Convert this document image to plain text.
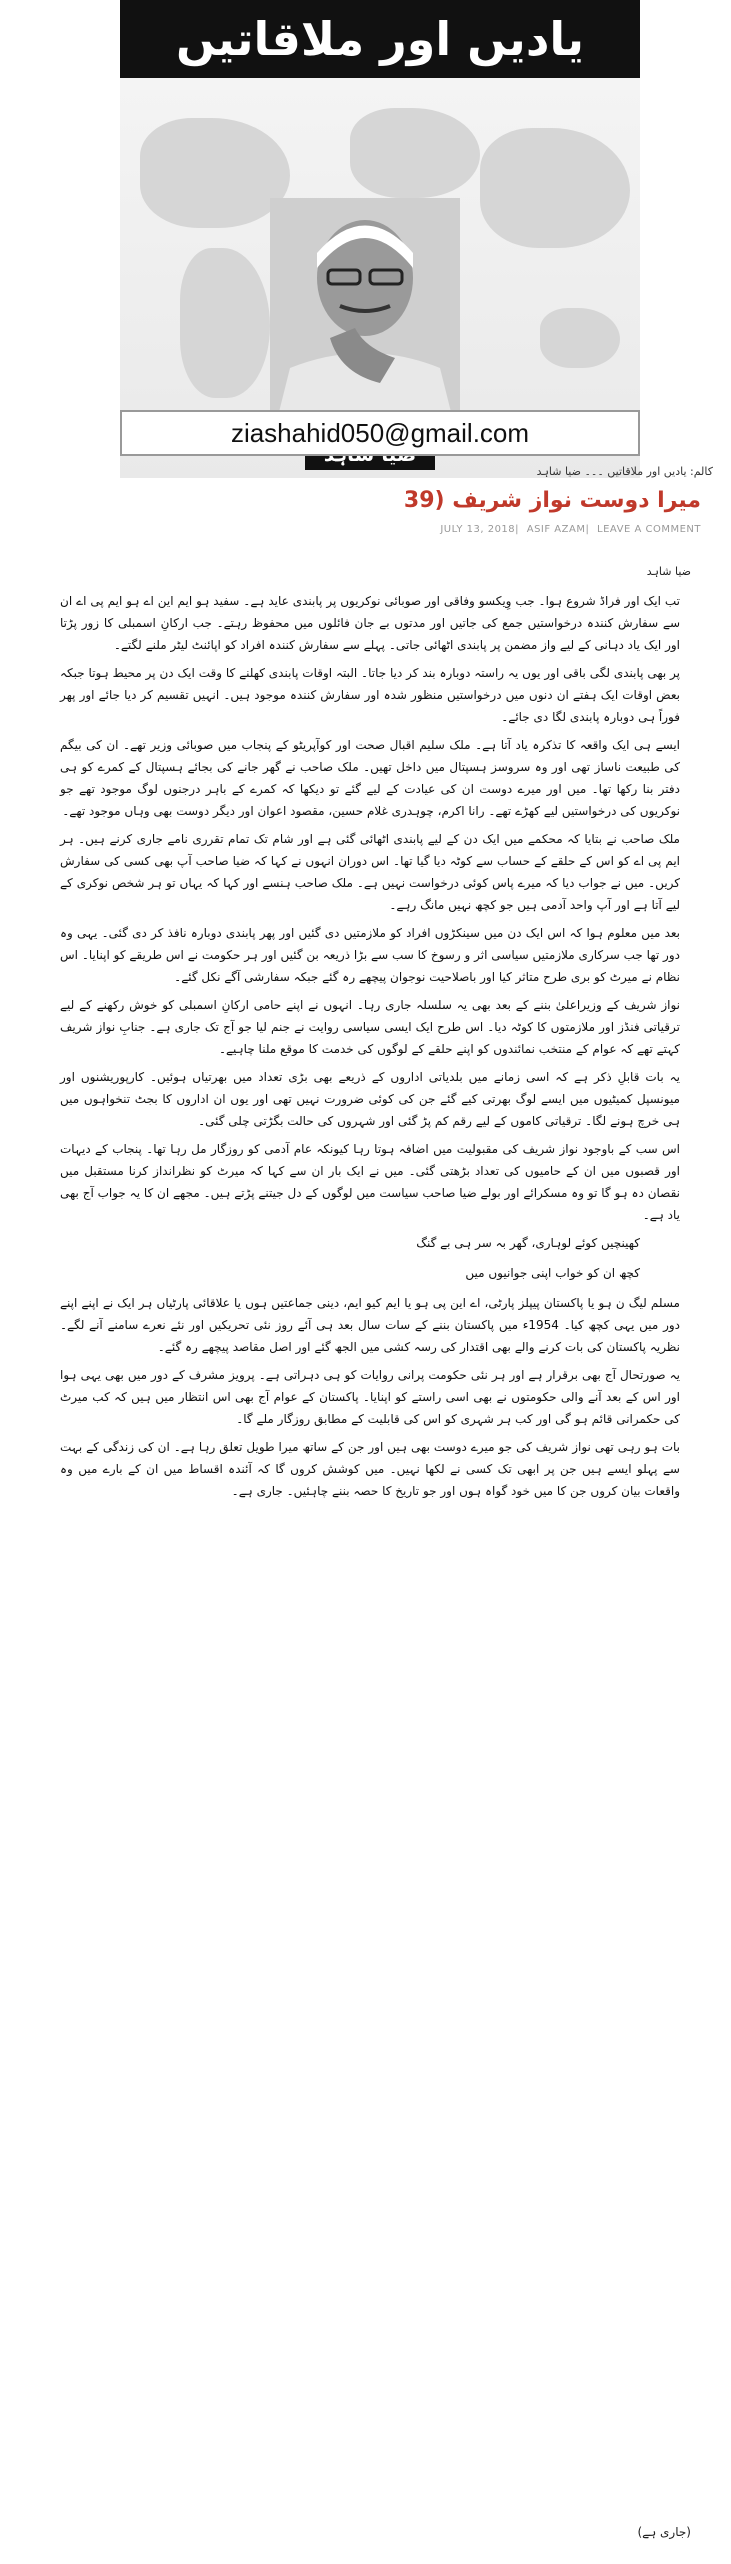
یادیں اور ملاقاتیں
ziashahid050@gmail.com
کالم: یادیں اور ملاقاتیں ۔۔۔ ضیا شاہد
میرا دوست نواز شریف (39
JULY 13, 2018| ASIF AZAM| LEAVE A COMMENT
ضیا شاہد

تب ایک اور فراڈ شروع ہوا۔ جب وِیکسو وفاقی اور صوبائی نوکریوں پر پابندی عاید ہے۔ سفید ہو ایم این اے ہو ایم پی اے ان سے سفارش کنندہ درخواستیں جمع کی جاتیں اور مدتوں بے جان فائلوں میں محفوظ رہتے۔ جب ارکانِ اسمبلی کا زور پڑتا اور ایک یاد دہانی کے لیے واز مضمن پر پابندی اٹھائی جاتی۔ پہلے سے سفارش کنندہ افراد کو اپائنٹ لیٹر ملنے لگتے۔

پر بھی پابندی لگی باقی اور یوں یہ راستہ دوبارہ بند کر دیا جاتا۔ البتہ اوقات پابندی کھلنے کا وقت ایک دن پر محیط ہوتا جبکہ بعض اوقات ایک ہفتے ان دنوں میں درخواستیں منظور شدہ اور سفارش کنندہ موجود ہیں۔ انہیں تقسیم کر دیا جائے اور پھر فوراً ہی دوبارہ پابندی لگا دی جائے۔

ایسے ہی ایک واقعہ کا تذکرہ یاد آتا ہے۔ ملک سلیم اقبال صحت اور کوآپریٹو کے پنجاب میں صوبائی وزیر تھے۔ ان کی بیگم کی طبیعت ناساز تھی اور وہ سروسز ہسپتال میں داخل تھیں۔ ملک صاحب نے گھر جانے کی بجائے ہسپتال کے کمرے کو ہی دفتر بنا رکھا تھا۔ میں اور میرے دوست ان کی عیادت کے لیے گئے تو دیکھا کہ کمرے کے باہر درجنوں لوگ موجود تھے جو نوکریوں کی درخواستیں لیے کھڑے تھے۔ رانا اکرم، چوہدری غلام حسین، مقصود اعوان اور دیگر دوست بھی وہاں موجود تھے۔

ملک صاحب نے بتایا کہ محکمے میں ایک دن کے لیے پابندی اٹھائی گئی ہے اور شام تک تمام تقرری نامے جاری کرنے ہیں۔ ہر ایم پی اے کو اس کے حلقے کے حساب سے کوٹہ دیا گیا تھا۔ اس دوران انہوں نے کہا کہ ضیا صاحب آپ بھی کسی کی سفارش کریں۔ میں نے جواب دیا کہ میرے پاس کوئی درخواست نہیں ہے۔ ملک صاحب ہنسے اور کہا کہ یہاں تو ہر شخص نوکری کے لیے آتا ہے اور آپ واحد آدمی ہیں جو کچھ نہیں مانگ رہے۔

بعد میں معلوم ہوا کہ اس ایک دن میں سینکڑوں افراد کو ملازمتیں دی گئیں اور پھر پابندی دوبارہ نافذ کر دی گئی۔ یہی وہ دور تھا جب سرکاری ملازمتیں سیاسی اثر و رسوخ کا سب سے بڑا ذریعہ بن گئیں اور ہر حکومت نے اس طریقے کو اپنایا۔ اس نظام نے میرٹ کو بری طرح متاثر کیا اور باصلاحیت نوجوان پیچھے رہ گئے جبکہ سفارشی آگے نکل گئے۔

نواز شریف کے وزیراعلیٰ بننے کے بعد بھی یہ سلسلہ جاری رہا۔ انہوں نے اپنے حامی ارکانِ اسمبلی کو خوش رکھنے کے لیے ترقیاتی فنڈز اور ملازمتوں کا کوٹہ دیا۔ اس طرح ایک ایسی سیاسی روایت نے جنم لیا جو آج تک جاری ہے۔ جنابِ نواز شریف کہتے تھے کہ عوام کے منتخب نمائندوں کو اپنے حلقے کے لوگوں کی خدمت کا موقع ملنا چاہیے۔

یہ بات قابلِ ذکر ہے کہ اسی زمانے میں بلدیاتی اداروں کے ذریعے بھی بڑی تعداد میں بھرتیاں ہوئیں۔ کارپوریشنوں اور میونسپل کمیٹیوں میں ایسے لوگ بھرتی کیے گئے جن کی کوئی ضرورت نہیں تھی اور یوں ان اداروں کا بجٹ تنخواہوں میں ہی خرچ ہونے لگا۔ ترقیاتی کاموں کے لیے رقم کم پڑ گئی اور شہروں کی حالت بگڑتی چلی گئی۔

اس سب کے باوجود نواز شریف کی مقبولیت میں اضافہ ہوتا رہا کیونکہ عام آدمی کو روزگار مل رہا تھا۔ پنجاب کے دیہات اور قصبوں میں ان کے حامیوں کی تعداد بڑھتی گئی۔ میں نے ایک بار ان سے کہا کہ میرٹ کو نظرانداز کرنا مستقبل میں نقصان دہ ہو گا تو وہ مسکرائے اور بولے ضیا صاحب سیاست میں لوگوں کے دل جیتنے پڑتے ہیں۔ مجھے ان کا یہ جواب آج بھی یاد ہے۔

کھینچیں کوئے لوہاری، گھر بہ سر ہی بے گنگ

کچھ ان کو خواب اپنی جوانیوں میں

مسلم لیگ ن ہو یا پاکستان پیپلز پارٹی، اے این پی ہو یا ایم کیو ایم، دینی جماعتیں ہوں یا علاقائی پارٹیاں ہر ایک نے اپنے اپنے دور میں یہی کچھ کیا۔ 1954ء میں پاکستان بننے کے سات سال بعد ہی آئے روز نئی تحریکیں اور نئے نعرے سامنے آنے لگے۔ نظریہ پاکستان کی بات کرنے والے بھی اقتدار کی رسہ کشی میں الجھ گئے اور اصل مقاصد پیچھے رہ گئے۔

یہ صورتحال آج بھی برقرار ہے اور ہر نئی حکومت پرانی روایات کو ہی دہراتی ہے۔ پرویز مشرف کے دور میں بھی یہی ہوا اور اس کے بعد آنے والی حکومتوں نے بھی اسی راستے کو اپنایا۔ پاکستان کے عوام آج بھی اس انتظار میں ہیں کہ کب میرٹ کی حکمرانی قائم ہو گی اور کب ہر شہری کو اس کی قابلیت کے مطابق روزگار ملے گا۔

بات ہو رہی تھی نواز شریف کی جو میرے دوست بھی ہیں اور جن کے ساتھ میرا طویل تعلق رہا ہے۔ ان کی زندگی کے بہت سے پہلو ایسے ہیں جن پر ابھی تک کسی نے لکھا نہیں۔ میں کوشش کروں گا کہ آئندہ اقساط میں ان کے بارے میں وہ واقعات بیان کروں جن کا میں خود گواہ ہوں اور جو تاریخ کا حصہ بننے چاہئیں۔ جاری ہے۔

(جاری ہے)
